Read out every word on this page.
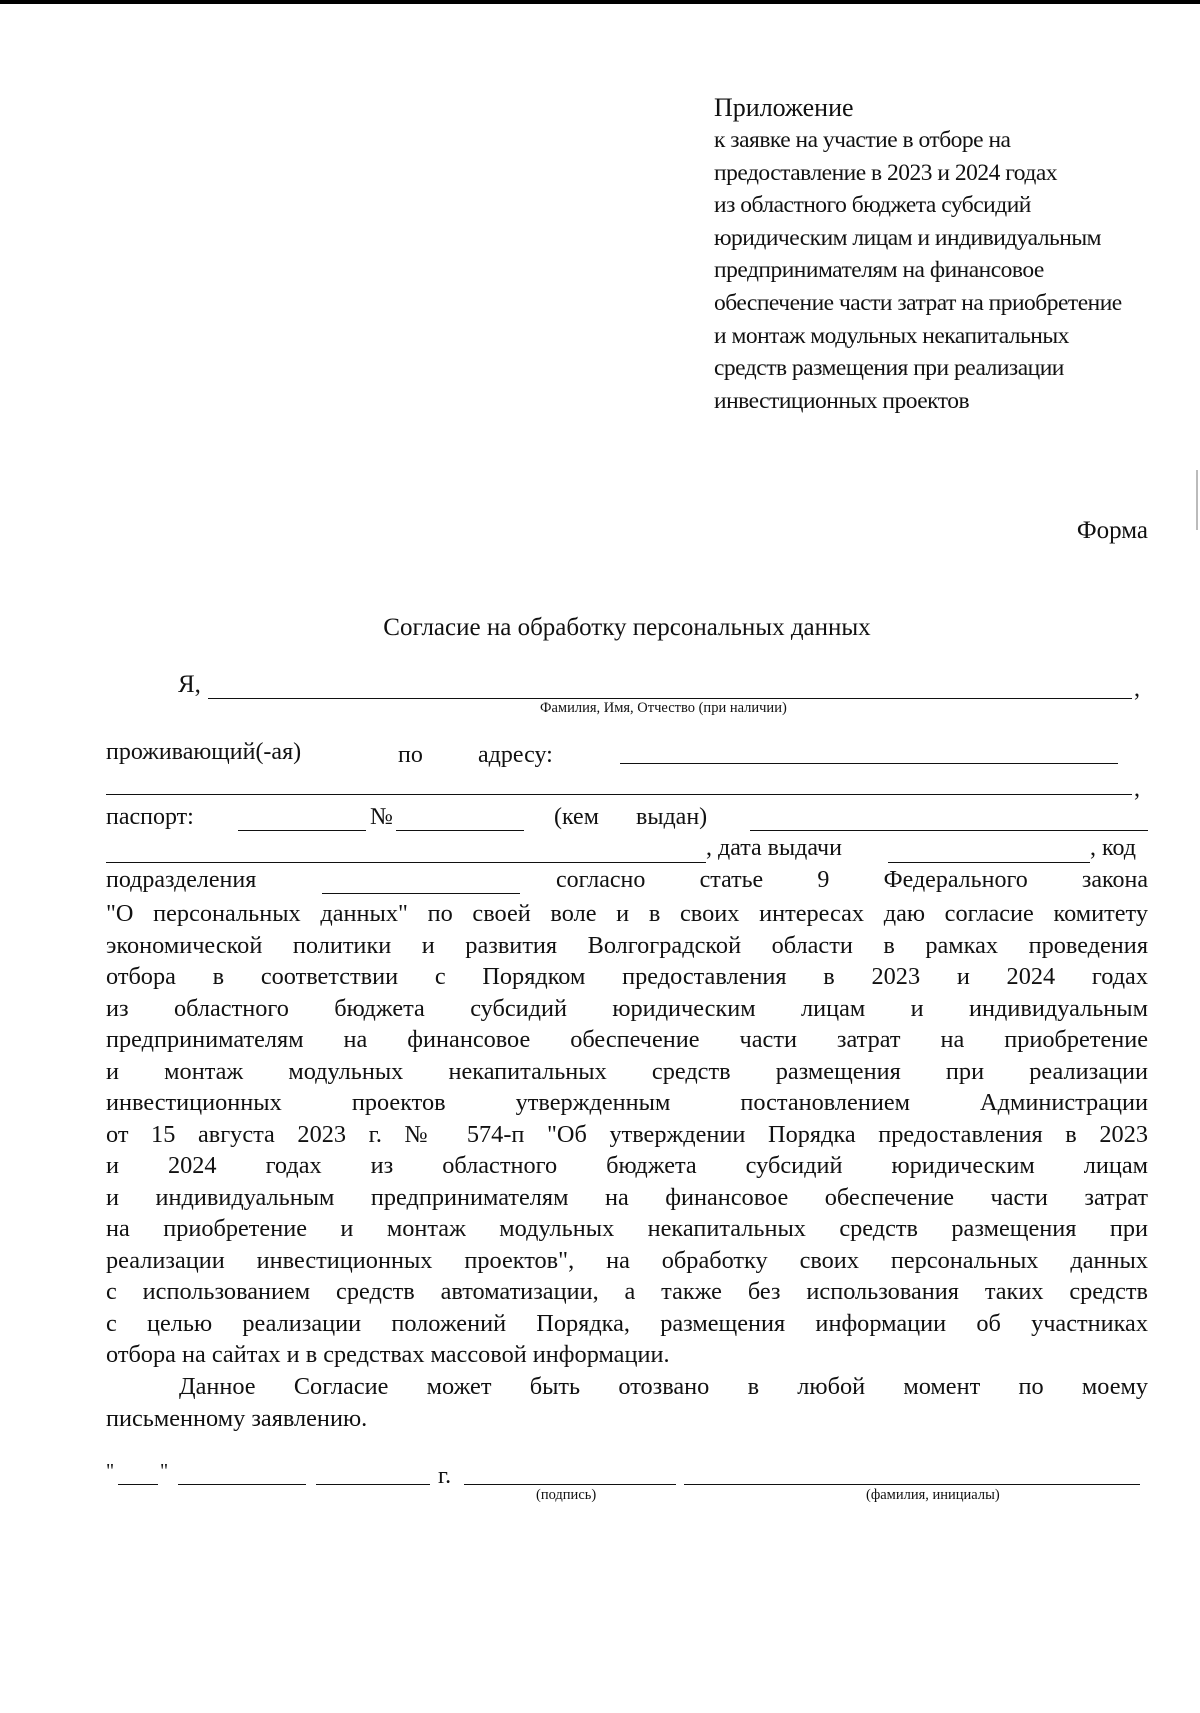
Приложение
к заявке на участие в отборе на
предоставление в 2023 и 2024 годах
из областного бюджета субсидий
юридическим лицам и индивидуальным
предпринимателям на финансовое
обеспечение части затрат на приобретение
и монтаж модульных некапитальных
средств размещения при реализации
инвестиционных проектов
Форма
Согласие на обработку персональных данных
Я,	,
Фамилия, Имя, Отчество (при наличии)
проживающий(-ая)	по адресу:
,
паспорт:	№	(кем выдан)
, дата выдачи	, код
подразделения	согласно статье 9 Федерального закона
"О персональных данных" по своей воле и в своих интересах даю согласие комитету
экономической политики и развития Волгоградской области в рамках проведения
отбора в соответствии с Порядком предоставления в 2023 и 2024 годах
из областного бюджета субсидий юридическим лицам и индивидуальным
предпринимателям на финансовое обеспечение части затрат на приобретение
и монтаж модульных некапитальных средств размещения при реализации
инвестиционных проектов утвержденным постановлением Администрации
от 15 августа 2023 г. № 574-п "Об утверждении Порядка предоставления в 2023
и 2024 годах из областного бюджета субсидий юридическим лицам
и индивидуальным предпринимателям на финансовое обеспечение части затрат
на приобретение и монтаж модульных некапитальных средств размещения при
реализации инвестиционных проектов", на обработку своих персональных данных
с использованием средств автоматизации, а также без использования таких средств
с целью реализации положений Порядка, размещения информации об участниках
отбора на сайтах и в средствах массовой информации.
Данное Согласие может быть отозвано в любой момент по моему
письменному заявлению.
" "	г.
(подпись)	(фамилия, инициалы)
